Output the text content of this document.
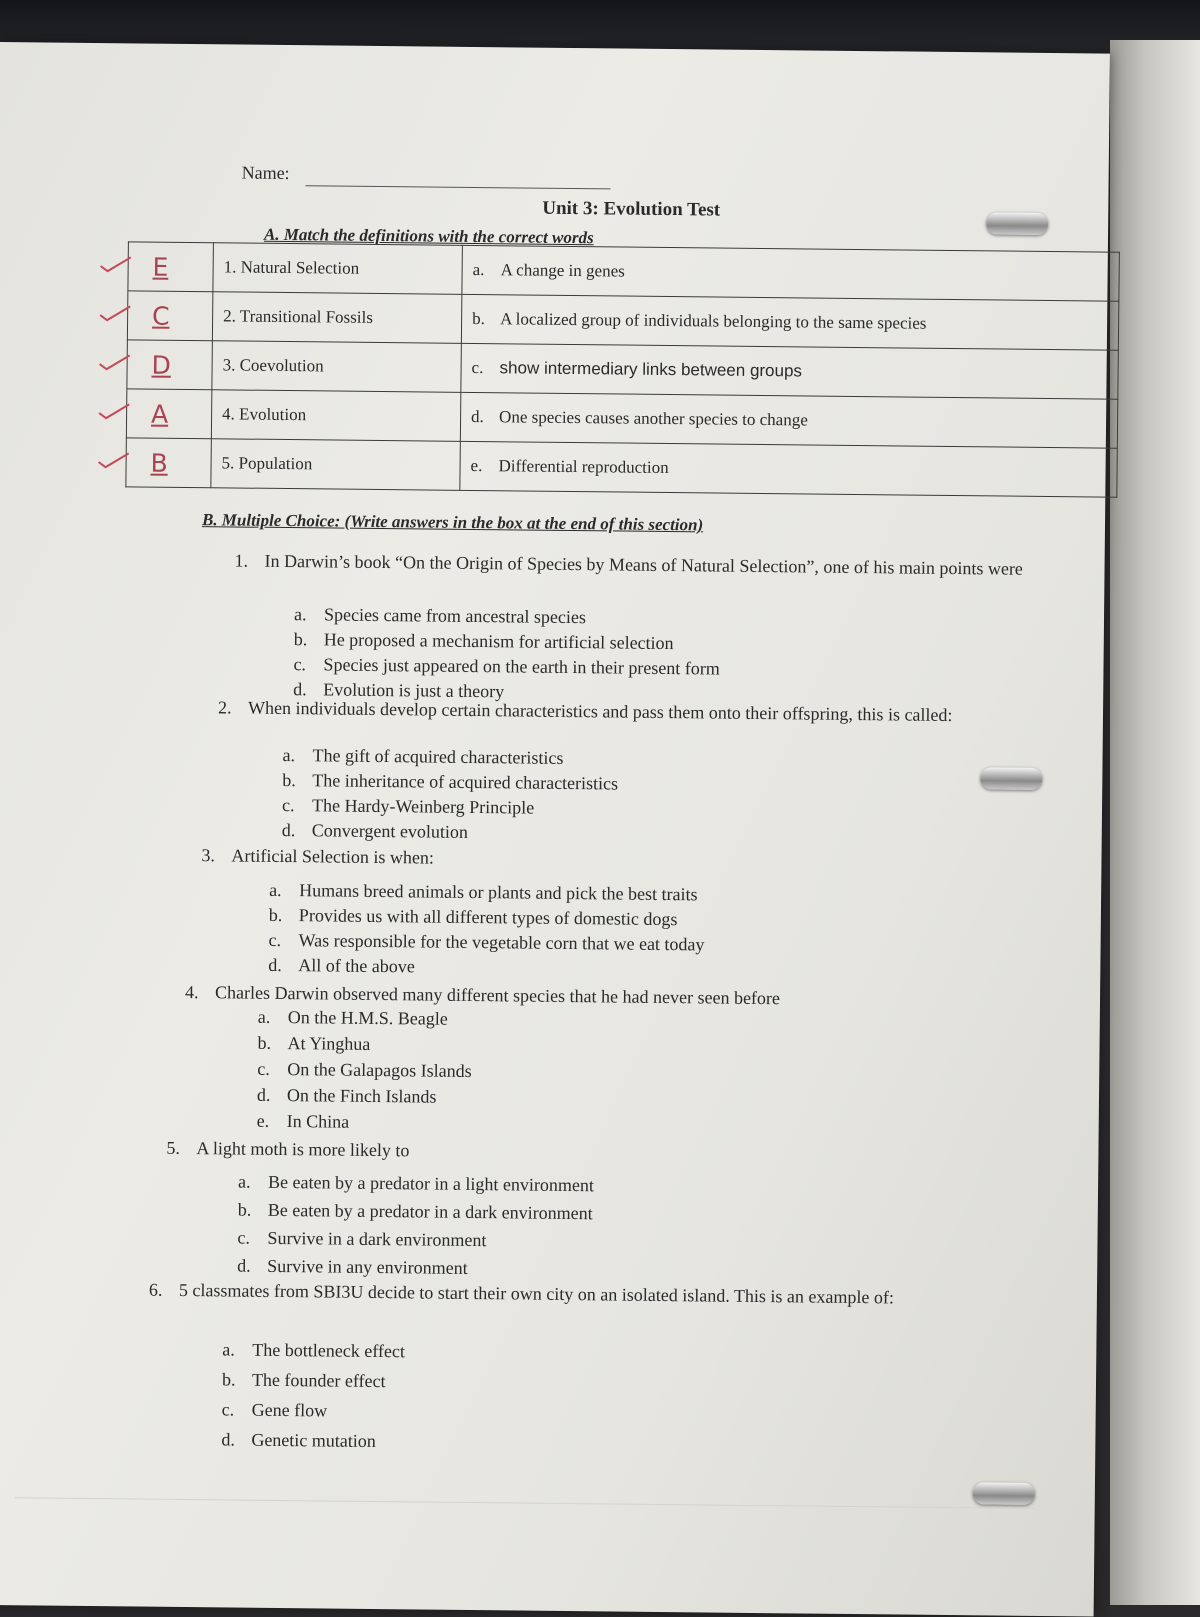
Name:
Unit 3: Evolution Test
A. Match the definitions with the correct words
E	1. Natural Selection	a. A change in genes

C	2. Transitional Fossils	b. A localized group of individuals belonging to the same species

D	3. Coevolution	c. show intermediary links between groups

A	4. Evolution	d. One species causes another species to change

B	5. Population	e. Differential reproduction
B. Multiple Choice: (Write answers in the box at the end of this section)
1. In Darwin’s book “On the Origin of Species by Means of Natural Selection”, one of his main points were
a. Species came from ancestral species
b. He proposed a mechanism for artificial selection
c. Species just appeared on the earth in their present form
d. Evolution is just a theory
2. When individuals develop certain characteristics and pass them onto their offspring, this is called:
a. The gift of acquired characteristics
b. The inheritance of acquired characteristics
c. The Hardy-Weinberg Principle
d. Convergent evolution
3. Artificial Selection is when:
a. Humans breed animals or plants and pick the best traits
b. Provides us with all different types of domestic dogs
c. Was responsible for the vegetable corn that we eat today
d. All of the above
4. Charles Darwin observed many different species that he had never seen before
a. On the H.M.S. Beagle
b. At Yinghua
c. On the Galapagos Islands
d. On the Finch Islands
e. In China
5. A light moth is more likely to
a. Be eaten by a predator in a light environment
b. Be eaten by a predator in a dark environment
c. Survive in a dark environment
d. Survive in any environment
6. 5 classmates from SBI3U decide to start their own city on an isolated island. This is an example of:
a. The bottleneck effect
b. The founder effect
c. Gene flow
d. Genetic mutation
